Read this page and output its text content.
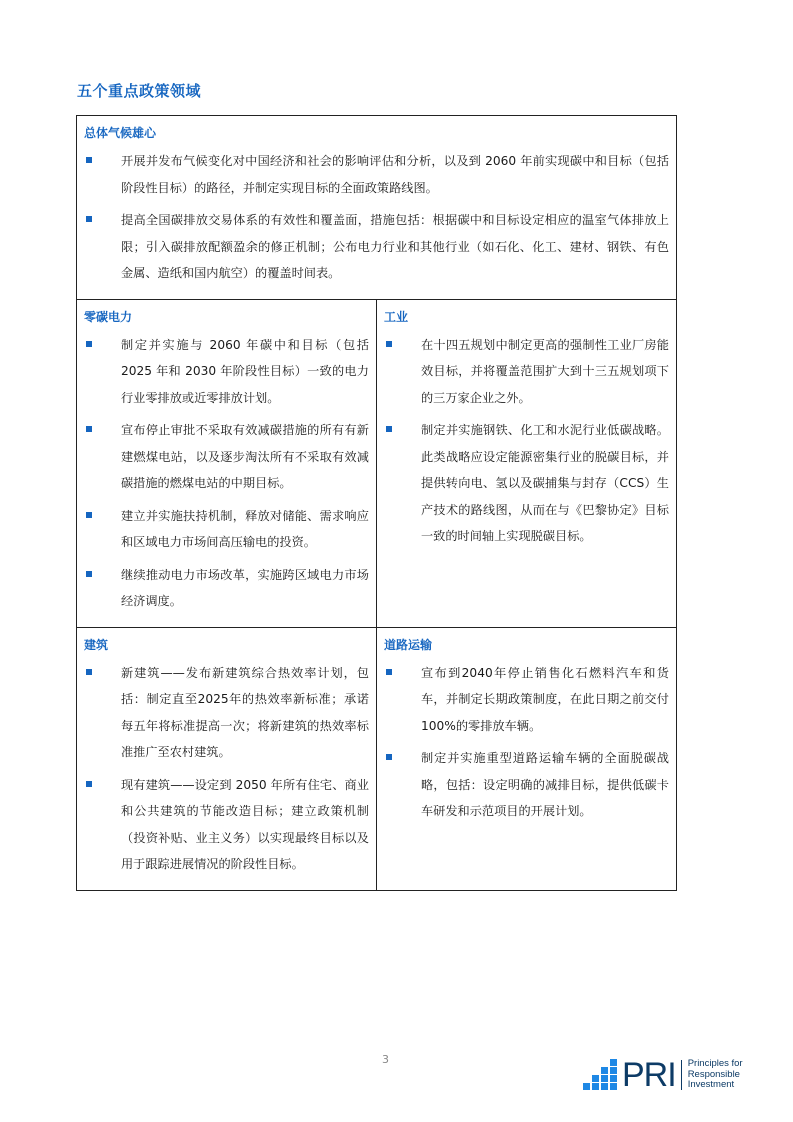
五个重点政策领域
总体气候雄心
开展并发布气候变化对中国经济和社会的影响评估和分析，以及到 2060 年前实现碳中和目标（包括阶段性目标）的路径，并制定实现目标的全面政策路线图。
提高全国碳排放交易体系的有效性和覆盖面，措施包括：根据碳中和目标设定相应的温室气体排放上限；引入碳排放配额盈余的修正机制；公布电力行业和其他行业（如石化、化工、建材、钢铁、有色金属、造纸和国内航空）的覆盖时间表。
零碳电力
制定并实施与 2060 年碳中和目标（包括 2025 年和 2030 年阶段性目标）一致的电力行业零排放或近零排放计划。
宣布停止审批不采取有效减碳措施的所有有新建燃煤电站，以及逐步淘汰所有不采取有效减碳措施的燃煤电站的中期目标。
建立并实施扶持机制，释放对储能、需求响应和区域电力市场间高压输电的投资。
继续推动电力市场改革，实施跨区域电力市场经济调度。
工业
在十四五规划中制定更高的强制性工业厂房能效目标，并将覆盖范围扩大到十三五规划项下的三万家企业之外。
制定并实施钢铁、化工和水泥行业低碳战略。此类战略应设定能源密集行业的脱碳目标，并提供转向电、氢以及碳捕集与封存（CCS）生产技术的路线图，从而在与《巴黎协定》目标一致的时间轴上实现脱碳目标。
建筑
新建筑——发布新建筑综合热效率计划，包括：制定直至2025年的热效率新标准；承诺每五年将标准提高一次；将新建筑的热效率标准推广至农村建筑。
现有建筑——设定到 2050 年所有住宅、商业和公共建筑的节能改造目标；建立政策机制（投资补贴、业主义务）以实现最终目标以及用于跟踪进展情况的阶段性目标。
道路运输
宣布到2040年停止销售化石燃料汽车和货车，并制定长期政策制度，在此日期之前交付 100%的零排放车辆。
制定并实施重型道路运输车辆的全面脱碳战略，包括：设定明确的减排目标，提供低碳卡车研发和示范项目的开展计划。
3	PRI Principles for
Responsible
Investment
